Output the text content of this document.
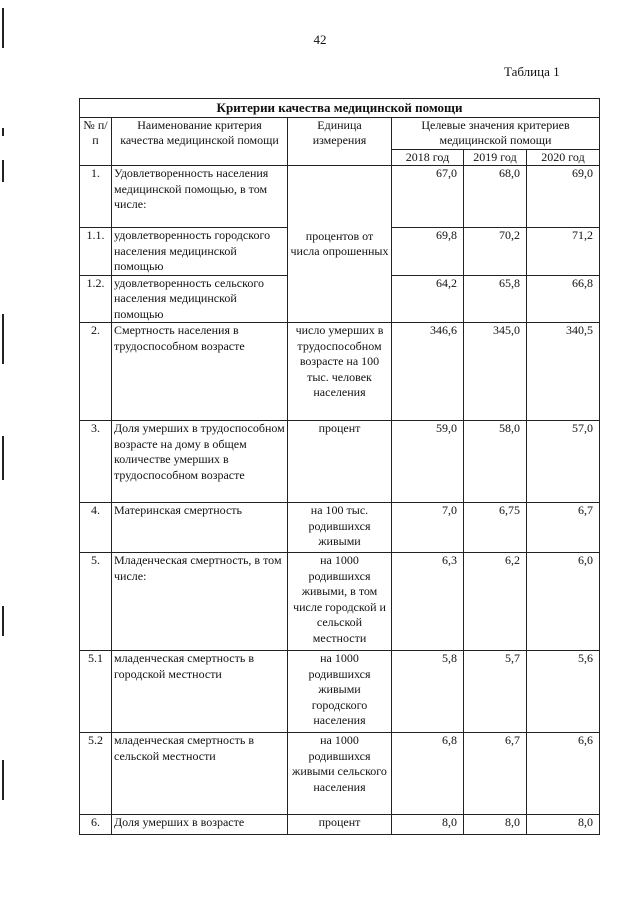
42
Таблица 1
Критерии качества медицинской помощи					
№ п/п	Наименование критерия качества медицинской помощи	Единица измерения	Целевые значения критериев медицинской помощи		
			2018 год	2019 год	2020 год
1.	Удовлетворенность населения медицинской помощью, в том числе:	процентов от числа опрошенных	67,0	68,0	69,0
1.1.	удовлетворенность городского населения медицинской помощью		69,8	70,2	71,2
1.2.	удовлетворенность сельского населения медицинской помощью		64,2	65,8	66,8
2.	Смертность населения в трудоспособном возрасте	число умерших в трудоспособном возрасте на 100 тыс. человек населения	346,6	345,0	340,5
3.	Доля умерших в трудоспособном возрасте на дому в общем количестве умерших в трудоспособном возрасте	процент	59,0	58,0	57,0
4.	Материнская смертность	на 100 тыс. родившихся живыми	7,0	6,75	6,7
5.	Младенческая смертность, в том числе:	на 1000 родившихся живыми, в том числе городской и сельской местности	6,3	6,2	6,0
5.1	младенческая смертность в городской местности	на 1000 родившихся живыми городского населения	5,8	5,7	5,6
5.2	младенческая смертность в сельской местности	на 1000 родившихся живыми сельского населения	6,8	6,7	6,6
6.	Доля умерших в возрасте	процент	8,0	8,0	8,0
